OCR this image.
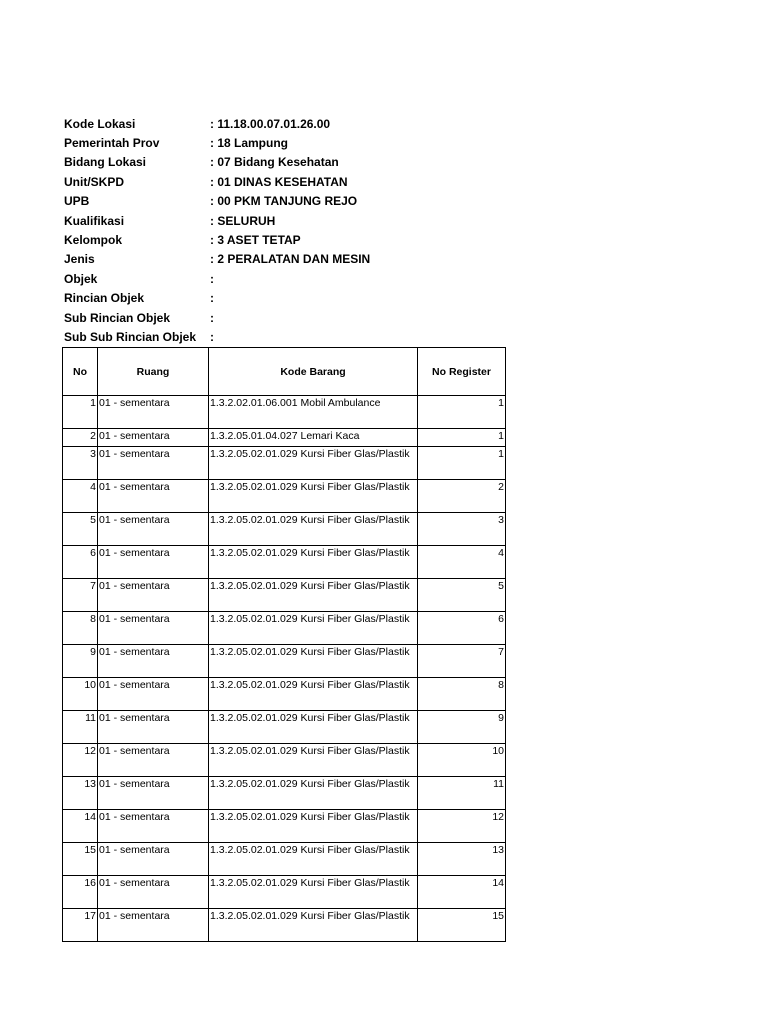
Kode Lokasi	: 11.18.00.07.01.26.00
Pemerintah Prov	: 18 Lampung
Bidang Lokasi	: 07 Bidang Kesehatan
Unit/SKPD	: 01 DINAS KESEHATAN
UPB	: 00 PKM TANJUNG REJO
Kualifikasi	: SELURUH
Kelompok	: 3 ASET TETAP
Jenis	: 2 PERALATAN DAN MESIN
Objek	:
Rincian Objek	:
Sub Rincian Objek	:
Sub Sub Rincian Objek	:
No	Ruang	Kode Barang	No Register
1	01 - sementara	1.3.2.02.01.06.001 Mobil Ambulance	1
2	01 - sementara	1.3.2.05.01.04.027 Lemari Kaca	1
3	01 - sementara	1.3.2.05.02.01.029 Kursi Fiber Glas/Plastik	1
4	01 - sementara	1.3.2.05.02.01.029 Kursi Fiber Glas/Plastik	2
5	01 - sementara	1.3.2.05.02.01.029 Kursi Fiber Glas/Plastik	3
6	01 - sementara	1.3.2.05.02.01.029 Kursi Fiber Glas/Plastik	4
7	01 - sementara	1.3.2.05.02.01.029 Kursi Fiber Glas/Plastik	5
8	01 - sementara	1.3.2.05.02.01.029 Kursi Fiber Glas/Plastik	6
9	01 - sementara	1.3.2.05.02.01.029 Kursi Fiber Glas/Plastik	7
10	01 - sementara	1.3.2.05.02.01.029 Kursi Fiber Glas/Plastik	8
11	01 - sementara	1.3.2.05.02.01.029 Kursi Fiber Glas/Plastik	9
12	01 - sementara	1.3.2.05.02.01.029 Kursi Fiber Glas/Plastik	10
13	01 - sementara	1.3.2.05.02.01.029 Kursi Fiber Glas/Plastik	11
14	01 - sementara	1.3.2.05.02.01.029 Kursi Fiber Glas/Plastik	12
15	01 - sementara	1.3.2.05.02.01.029 Kursi Fiber Glas/Plastik	13
16	01 - sementara	1.3.2.05.02.01.029 Kursi Fiber Glas/Plastik	14
17	01 - sementara	1.3.2.05.02.01.029 Kursi Fiber Glas/Plastik	15
